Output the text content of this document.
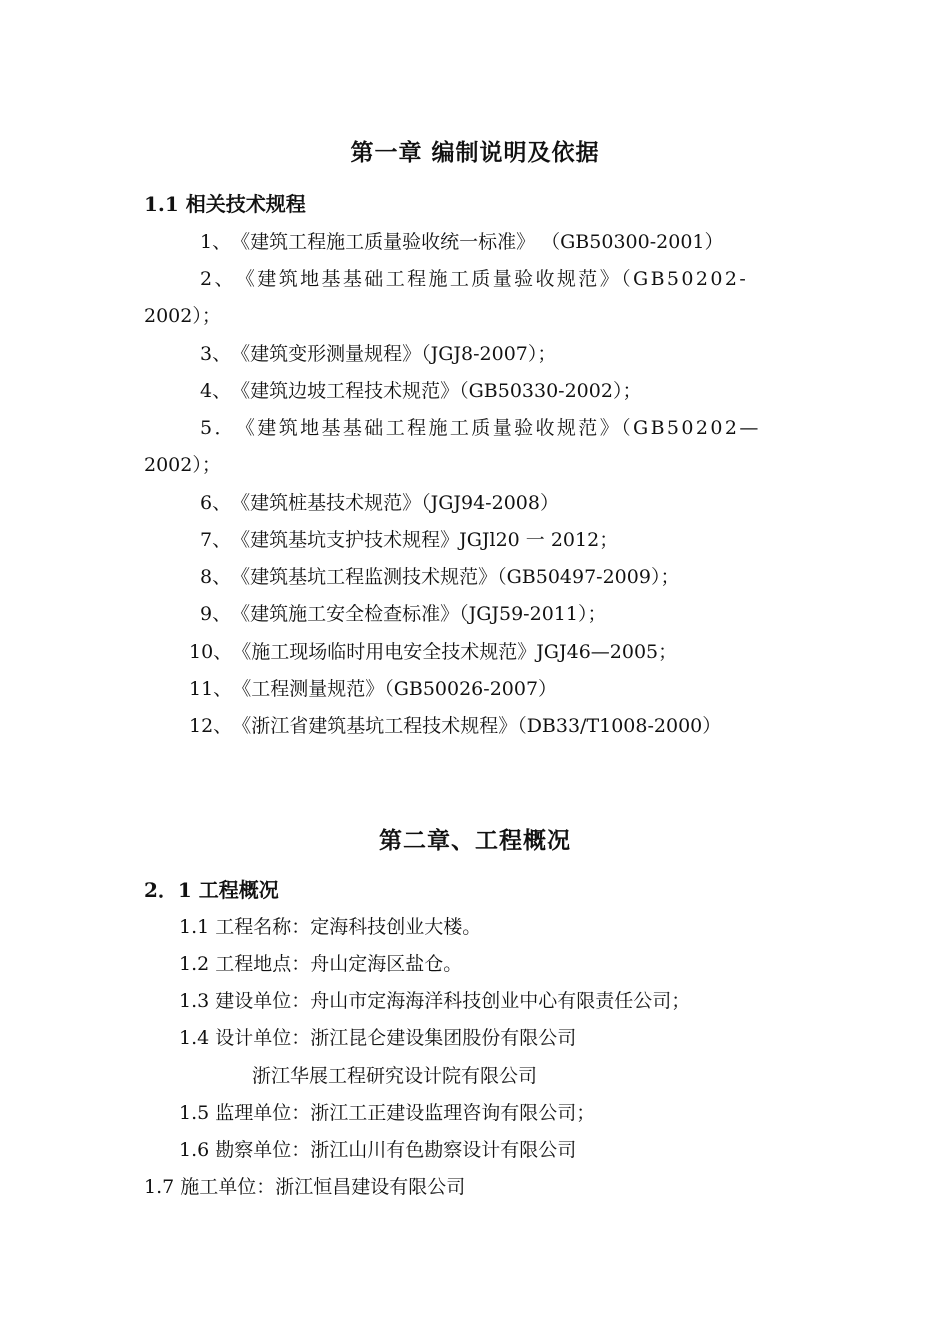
第一章 编制说明及依据
1.1 相关技术规程
1、《建筑工程施工质量验收统一标准》 （GB50300-2001）
2、《建筑地基基础工程施工质量验收规范》（GB50202-
2002）；
3、《建筑变形测量规程》（JGJ8-2007）；
4、《建筑边坡工程技术规范》（GB50330-2002）；
5．《建筑地基基础工程施工质量验收规范》（GB50202—
2002）；
6、《建筑桩基技术规范》（JGJ94-2008）
7、《建筑基坑支护技术规程》JGJl20 一 2012；
8、《建筑基坑工程监测技术规范》（GB50497-2009）；
9、《建筑施工安全检查标准》（JGJ59-2011）；
10、《施工现场临时用电安全技术规范》JGJ46—2005；
11、《工程测量规范》（GB50026-2007）
12、《浙江省建筑基坑工程技术规程》（DB33/T1008-2000）
第二章、工程概况
2．1 工程概况
1.1 工程名称：定海科技创业大楼。
1.2 工程地点：舟山定海区盐仓。
1.3 建设单位：舟山市定海海洋科技创业中心有限责任公司；
1.4 设计单位：浙江昆仑建设集团股份有限公司
浙江华展工程研究设计院有限公司
1.5 监理单位：浙江工正建设监理咨询有限公司；
1.6 勘察单位：浙江山川有色勘察设计有限公司
1.7 施工单位：浙江恒昌建设有限公司
